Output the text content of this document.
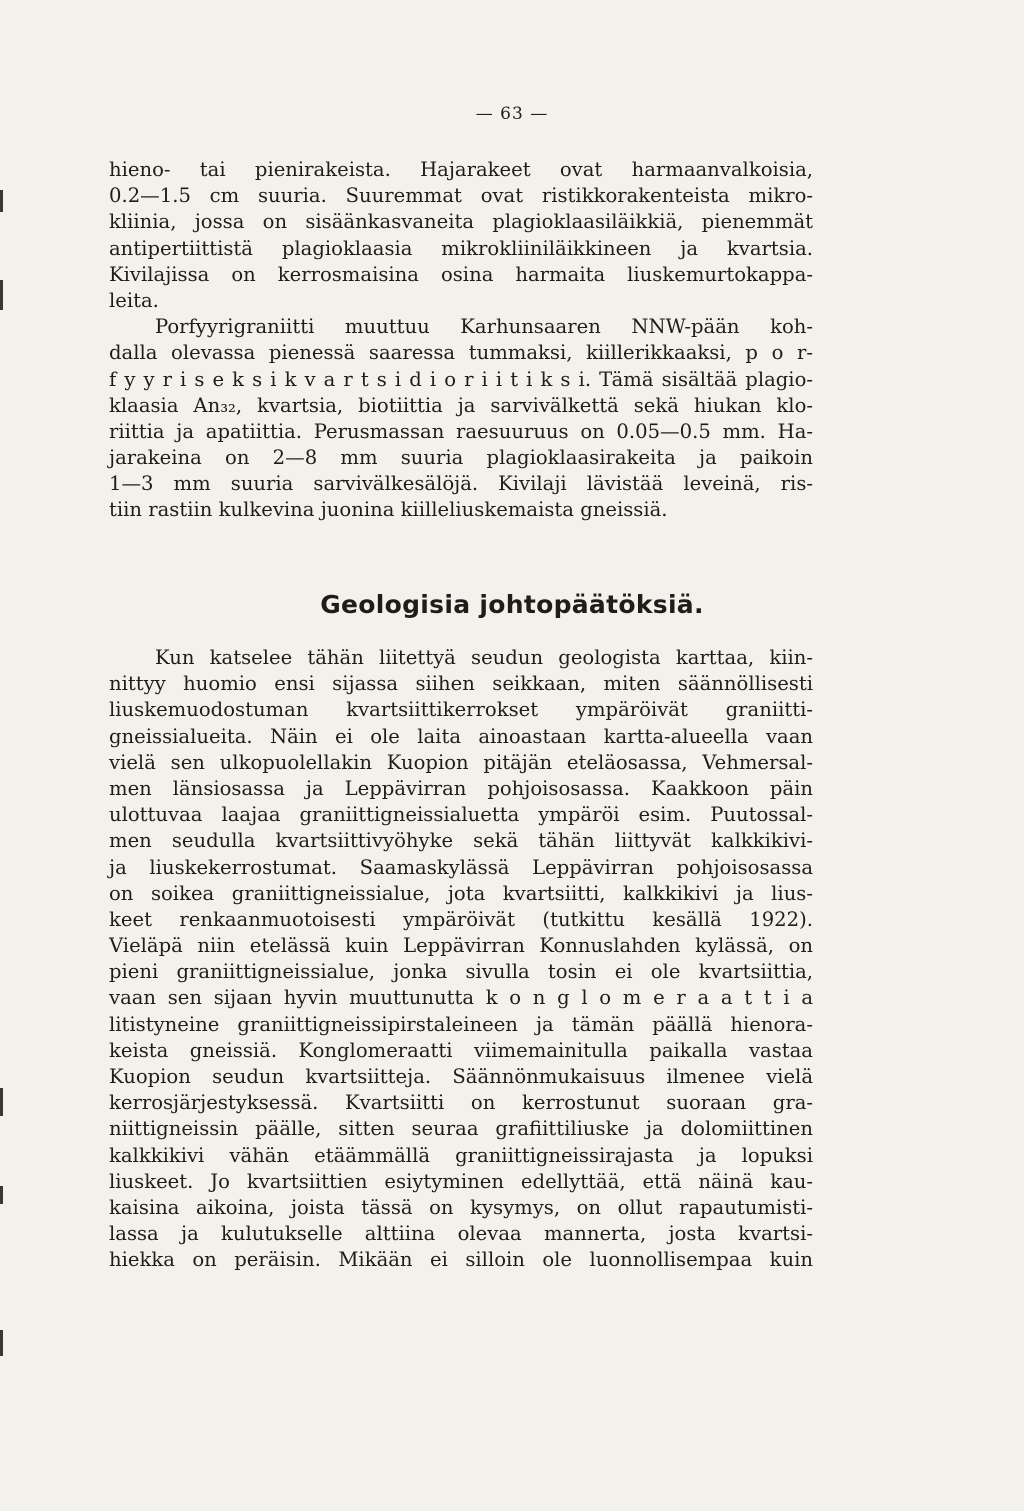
— 63 —
hieno- tai pienirakeista. Hajarakeet ovat harmaanvalkoisia,
0.2—1.5 cm suuria. Suuremmat ovat ristikkorakenteista mikro-
kliinia, jossa on sisäänkasvaneita plagioklaasiläikkiä, pienemmät
antipertiittistä plagioklaasia mikrokliiniläikkineen ja kvartsia.
Kivilajissa on kerrosmaisina osina harmaita liuskemurtokappa-
leita.
Porfyyrigraniitti muuttuu Karhunsaaren NNW-pään koh-
dalla olevassa pienessä saaressa tummaksi, kiillerikkaaksi, p o r-
f y y r i s e k s i k v a r t s i d i o r i i t i k s i. Tämä sisältää plagio-
klaasia An₃₂, kvartsia, biotiittia ja sarvivälkettä sekä hiukan klo-
riittia ja apatiittia. Perusmassan raesuuruus on 0.05—0.5 mm. Ha-
jarakeina on 2—8 mm suuria plagioklaasirakeita ja paikoin
1—3 mm suuria sarvivälkesälöjä. Kivilaji lävistää leveinä, ris-
tiin rastiin kulkevina juonina kiilleliuskemaista gneissiä.
Geologisia johtopäätöksiä.
Kun katselee tähän liitettyä seudun geologista karttaa, kiin-
nittyy huomio ensi sijassa siihen seikkaan, miten säännöllisesti
liuskemuodostuman kvartsiittikerrokset ympäröivät graniitti-
gneissialueita. Näin ei ole laita ainoastaan kartta-alueella vaan
vielä sen ulkopuolellakin Kuopion pitäjän eteläosassa, Vehmersal-
men länsiosassa ja Leppävirran pohjoisosassa. Kaakkoon päin
ulottuvaa laajaa graniittigneissialuetta ympäröi esim. Puutossal-
men seudulla kvartsiittivyöhyke sekä tähän liittyvät kalkkikivi-
ja liuskekerrostumat. Saamaskylässä Leppävirran pohjoisosassa
on soikea graniittigneissialue, jota kvartsiitti, kalkkikivi ja lius-
keet renkaanmuotoisesti ympäröivät (tutkittu kesällä 1922).
Vieläpä niin etelässä kuin Leppävirran Konnuslahden kylässä, on
pieni graniittigneissialue, jonka sivulla tosin ei ole kvartsiittia,
vaan sen sijaan hyvin muuttunutta k o n g l o m e r a a t t i a
litistyneine graniittigneissipirstaleineen ja tämän päällä hienora-
keista gneissiä. Konglomeraatti viimemainitulla paikalla vastaa
Kuopion seudun kvartsiitteja. Säännönmukaisuus ilmenee vielä
kerrosjärjestyksessä. Kvartsiitti on kerrostunut suoraan gra-
niittigneissin päälle, sitten seuraa grafiittiliuske ja dolomiittinen
kalkkikivi vähän etäämmällä graniittigneissirajasta ja lopuksi
liuskeet. Jo kvartsiittien esiytyminen edellyttää, että näinä kau-
kaisina aikoina, joista tässä on kysymys, on ollut rapautumisti-
lassa ja kulutukselle alttiina olevaa mannerta, josta kvartsi-
hiekka on peräisin. Mikään ei silloin ole luonnollisempaa kuin
